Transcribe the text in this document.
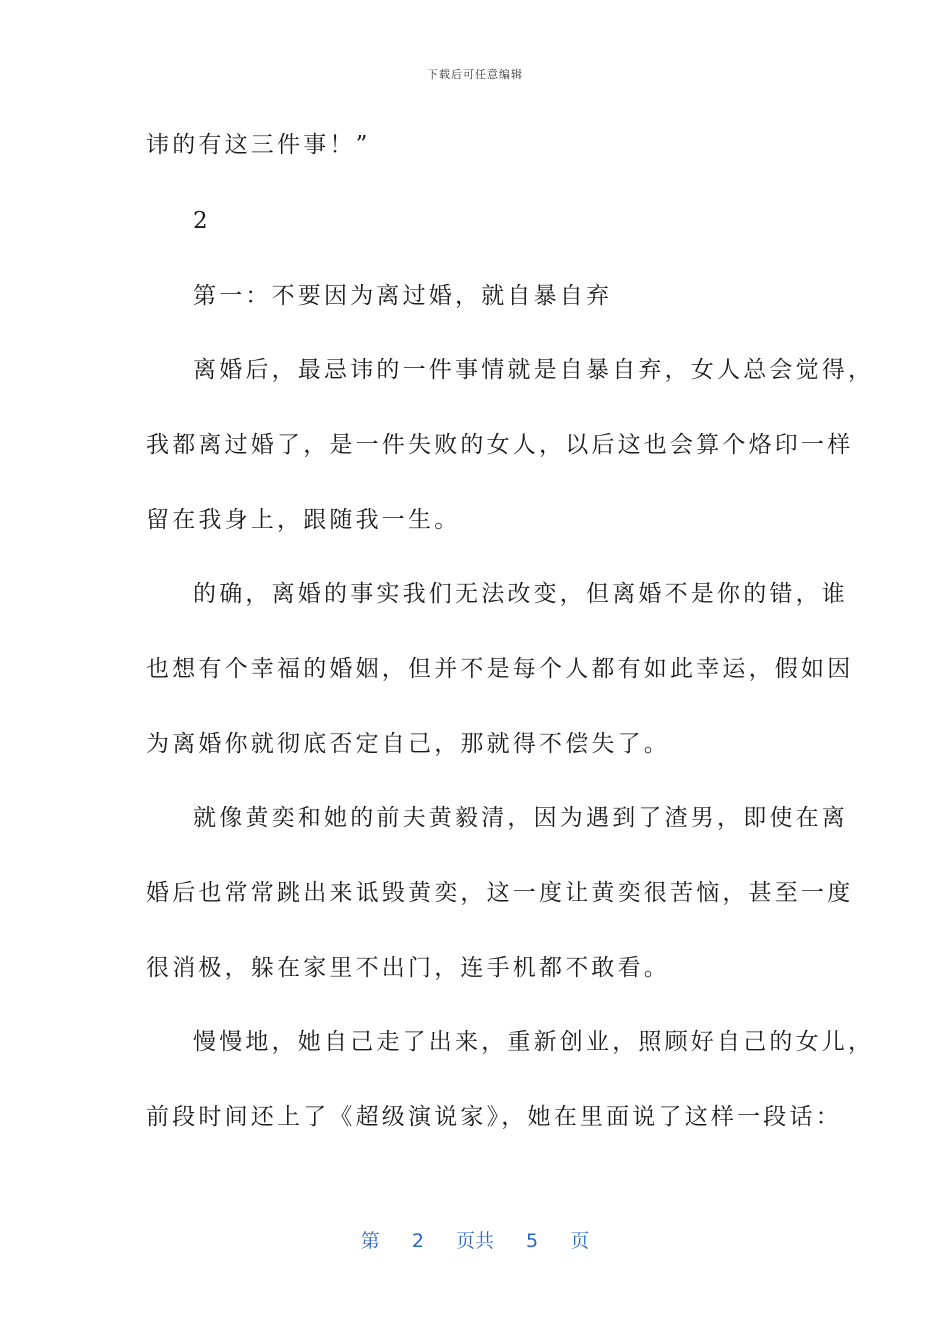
下载后可任意编辑
讳的有这三件事！”
2
第一：不要因为离过婚，就自暴自弃
离婚后，最忌讳的一件事情就是自暴自弃，女人总会觉得，
我都离过婚了，是一件失败的女人，以后这也会算个烙印一样
留在我身上，跟随我一生。
的确，离婚的事实我们无法改变，但离婚不是你的错，谁
也想有个幸福的婚姻，但并不是每个人都有如此幸运，假如因
为离婚你就彻底否定自己，那就得不偿失了。
就像黄奕和她的前夫黄毅清，因为遇到了渣男，即使在离
婚后也常常跳出来诋毁黄奕，这一度让黄奕很苦恼，甚至一度
很消极，躲在家里不出门，连手机都不敢看。
慢慢地，她自己走了出来，重新创业，照顾好自己的女儿，
前段时间还上了《超级演说家》，她在里面说了这样一段话：
第 2 页共 5 页
